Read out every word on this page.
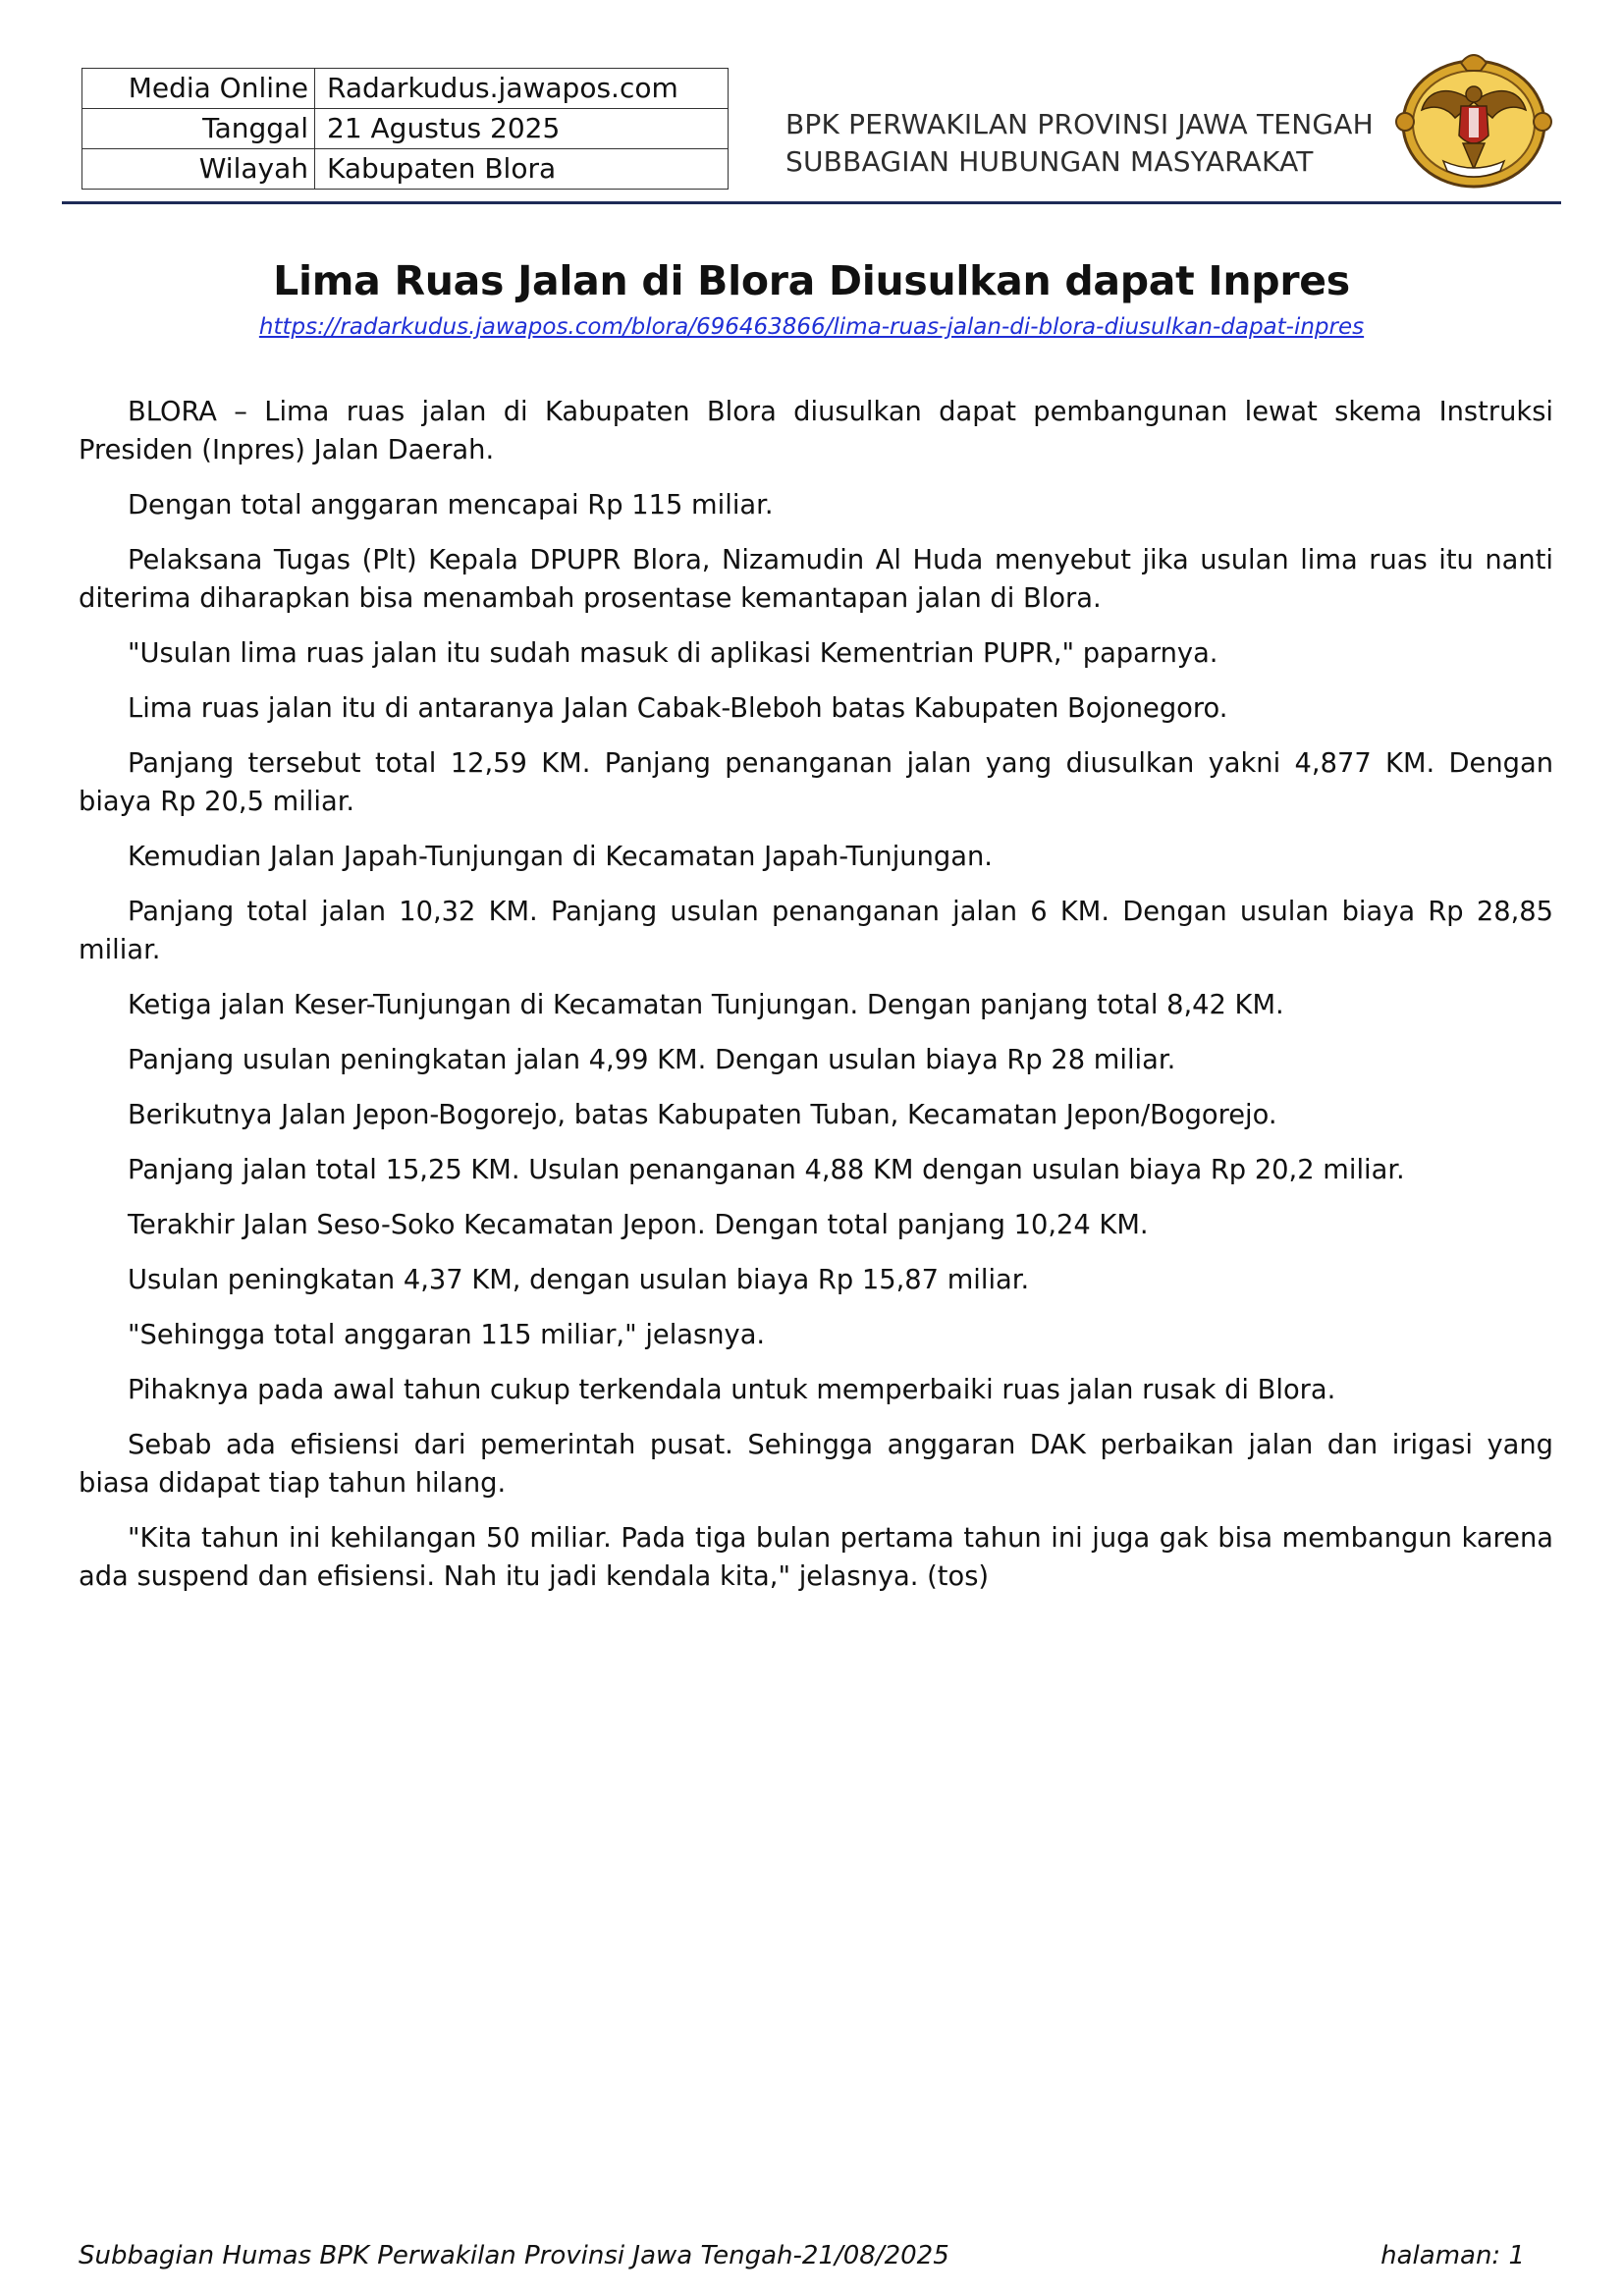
Media Online	Radarkudus.jawapos.com
Tanggal	21 Agustus 2025
Wilayah	Kabupaten Blora
BPK PERWAKILAN PROVINSI JAWA TENGAH
SUBBAGIAN HUBUNGAN MASYARAKAT
Lima Ruas Jalan di Blora Diusulkan dapat Inpres
https://radarkudus.jawapos.com/blora/696463866/lima-ruas-jalan-di-blora-diusulkan-dapat-inpres

BLORA – Lima ruas jalan di Kabupaten Blora diusulkan dapat pembangunan lewat skema Instruksi Presiden (Inpres) Jalan Daerah.

Dengan total anggaran mencapai Rp 115 miliar.

Pelaksana Tugas (Plt) Kepala DPUPR Blora, Nizamudin Al Huda menyebut jika usulan lima ruas itu nanti diterima diharapkan bisa menambah prosentase kemantapan jalan di Blora.

"Usulan lima ruas jalan itu sudah masuk di aplikasi Kementrian PUPR," paparnya.

Lima ruas jalan itu di antaranya Jalan Cabak-Bleboh batas Kabupaten Bojonegoro.

Panjang tersebut total 12,59 KM. Panjang penanganan jalan yang diusulkan yakni 4,877 KM. Dengan biaya Rp 20,5 miliar.

Kemudian Jalan Japah-Tunjungan di Kecamatan Japah-Tunjungan.

Panjang total jalan 10,32 KM. Panjang usulan penanganan jalan 6 KM. Dengan usulan biaya Rp 28,85 miliar.

Ketiga jalan Keser-Tunjungan di Kecamatan Tunjungan. Dengan panjang total 8,42 KM.

Panjang usulan peningkatan jalan 4,99 KM. Dengan usulan biaya Rp 28 miliar.

Berikutnya Jalan Jepon-Bogorejo, batas Kabupaten Tuban, Kecamatan Jepon/Bogorejo.

Panjang jalan total 15,25 KM. Usulan penanganan 4,88 KM dengan usulan biaya Rp 20,2 miliar.

Terakhir Jalan Seso-Soko Kecamatan Jepon. Dengan total panjang 10,24 KM.

Usulan peningkatan 4,37 KM, dengan usulan biaya Rp 15,87 miliar.

"Sehingga total anggaran 115 miliar," jelasnya.

Pihaknya pada awal tahun cukup terkendala untuk memperbaiki ruas jalan rusak di Blora.

Sebab ada efisiensi dari pemerintah pusat. Sehingga anggaran DAK perbaikan jalan dan irigasi yang biasa didapat tiap tahun hilang.

"Kita tahun ini kehilangan 50 miliar. Pada tiga bulan pertama tahun ini juga gak bisa membangun karena ada suspend dan efisiensi. Nah itu jadi kendala kita," jelasnya. (tos)

Subbagian Humas BPK Perwakilan Provinsi Jawa Tengah-21/08/2025	halaman: 1
